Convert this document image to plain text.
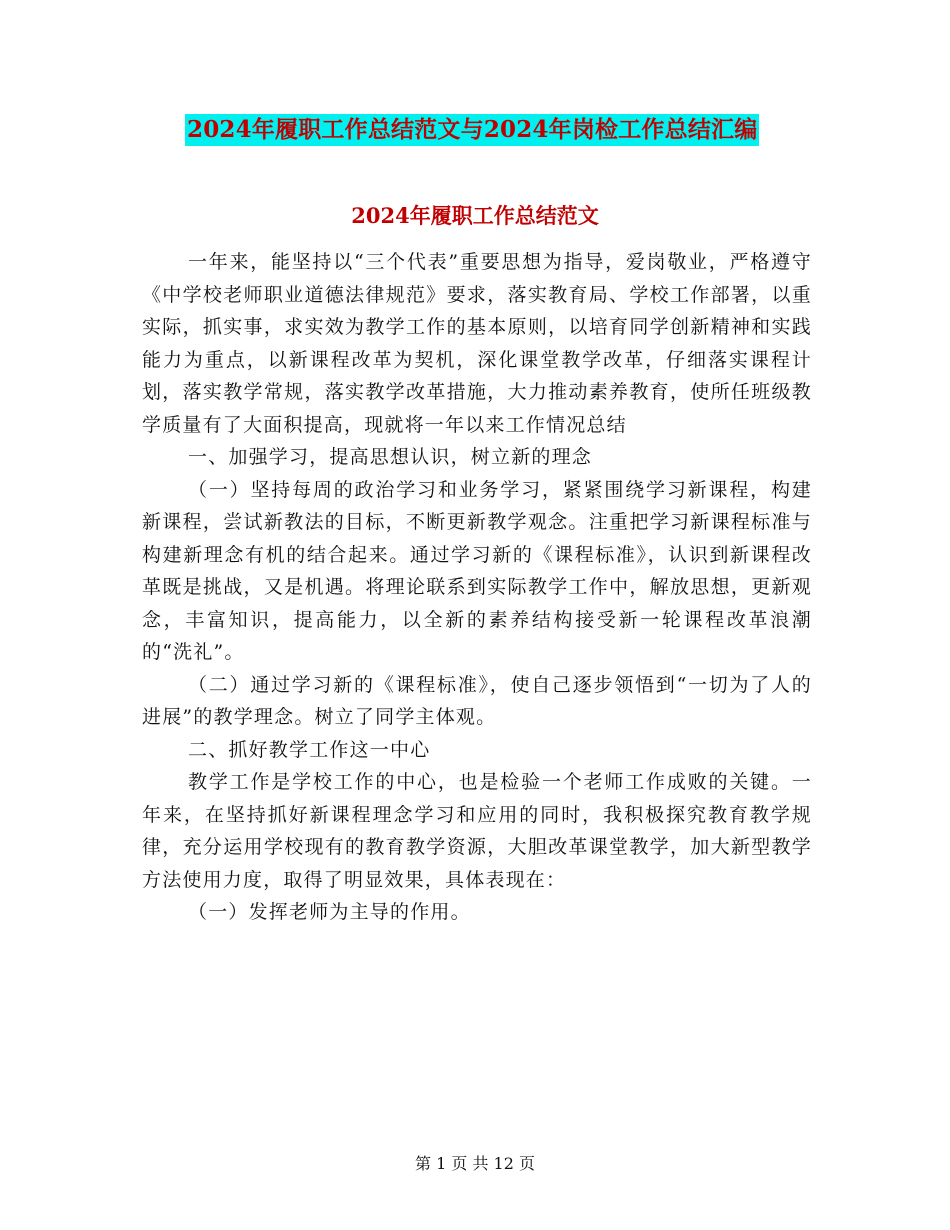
2024年履职工作总结范文与2024年岗检工作总结汇编
2024年履职工作总结范文

一年来，能坚持以“三个代表”重要思想为指导，爱岗敬业，严格遵守《中学校老师职业道德法律规范》要求，落实教育局、学校工作部署，以重实际，抓实事，求实效为教学工作的基本原则，以培育同学创新精神和实践能力为重点，以新课程改革为契机，深化课堂教学改革，仔细落实课程计划，落实教学常规，落实教学改革措施，大力推动素养教育，使所任班级教学质量有了大面积提高，现就将一年以来工作情况总结

一、加强学习，提高思想认识，树立新的理念

（一）坚持每周的政治学习和业务学习，紧紧围绕学习新课程，构建新课程，尝试新教法的目标，不断更新教学观念。注重把学习新课程标准与构建新理念有机的结合起来。通过学习新的《课程标准》，认识到新课程改革既是挑战，又是机遇。将理论联系到实际教学工作中，解放思想，更新观念，丰富知识，提高能力，以全新的素养结构接受新一轮课程改革浪潮的“洗礼”。

（二）通过学习新的《课程标准》，使自己逐步领悟到“一切为了人的进展”的教学理念。树立了同学主体观。

二、抓好教学工作这一中心

教学工作是学校工作的中心，也是检验一个老师工作成败的关键。一年来，在坚持抓好新课程理念学习和应用的同时，我积极探究教育教学规律，充分运用学校现有的教育教学资源，大胆改革课堂教学，加大新型教学方法使用力度，取得了明显效果，具体表现在：

（一）发挥老师为主导的作用。

第 1 页 共 12 页
